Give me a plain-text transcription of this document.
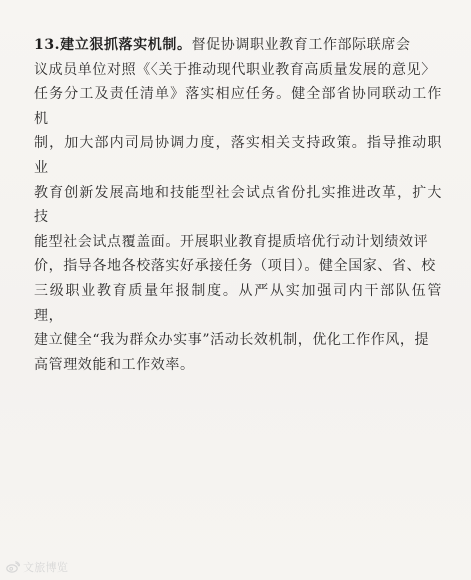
13.建立狠抓落实机制。督促协调职业教育工作部际联席会
议成员单位对照《〈关于推动现代职业教育高质量发展的意见〉
任务分工及责任清单》落实相应任务。健全部省协同联动工作机
制，加大部内司局协调力度，落实相关支持政策。指导推动职业
教育创新发展高地和技能型社会试点省份扎实推进改革，扩大技
能型社会试点覆盖面。开展职业教育提质培优行动计划绩效评
价，指导各地各校落实好承接任务（项目）。健全国家、省、校
三级职业教育质量年报制度。从严从实加强司内干部队伍管理，
建立健全“我为群众办实事”活动长效机制，优化工作作风，提
高管理效能和工作效率。
文旅博览
